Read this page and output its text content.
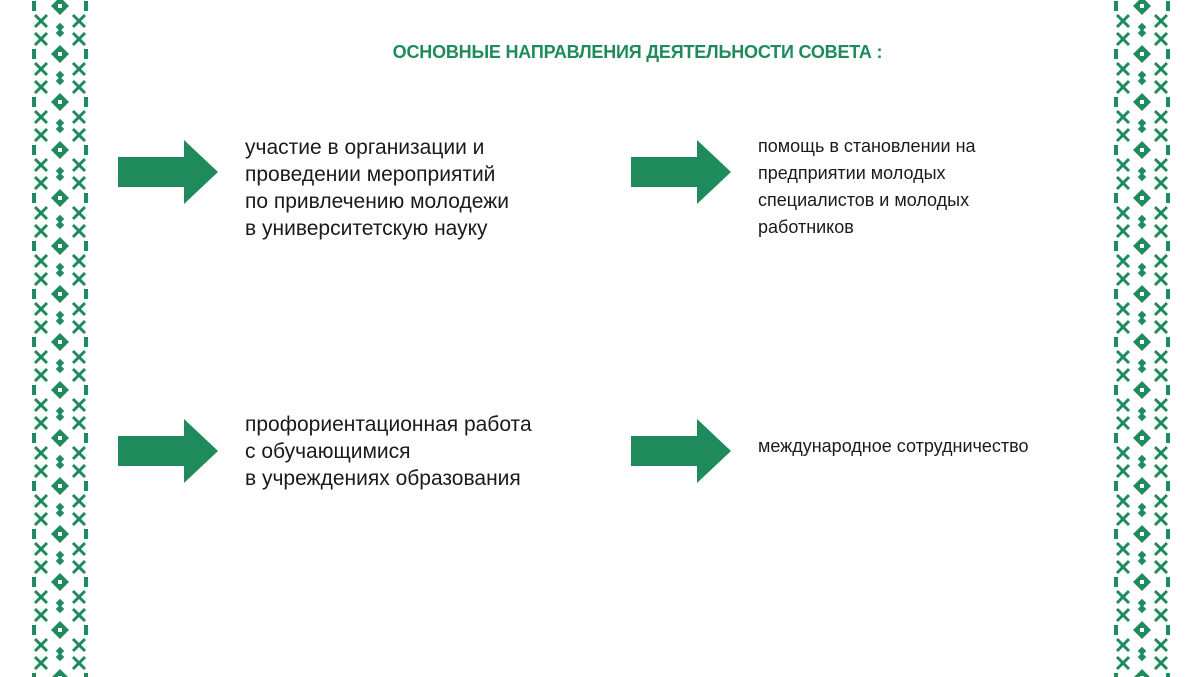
ОСНОВНЫЕ НАПРАВЛЕНИЯ ДЕЯТЕЛЬНОСТИ СОВЕТА :
участие в организации и
проведении мероприятий
по привлечению молодежи
в университетскую науку
помощь в становлении на
предприятии молодых
специалистов и молодых
работников
профориентационная работа
с обучающимися
в учреждениях образования
международное сотрудничество
